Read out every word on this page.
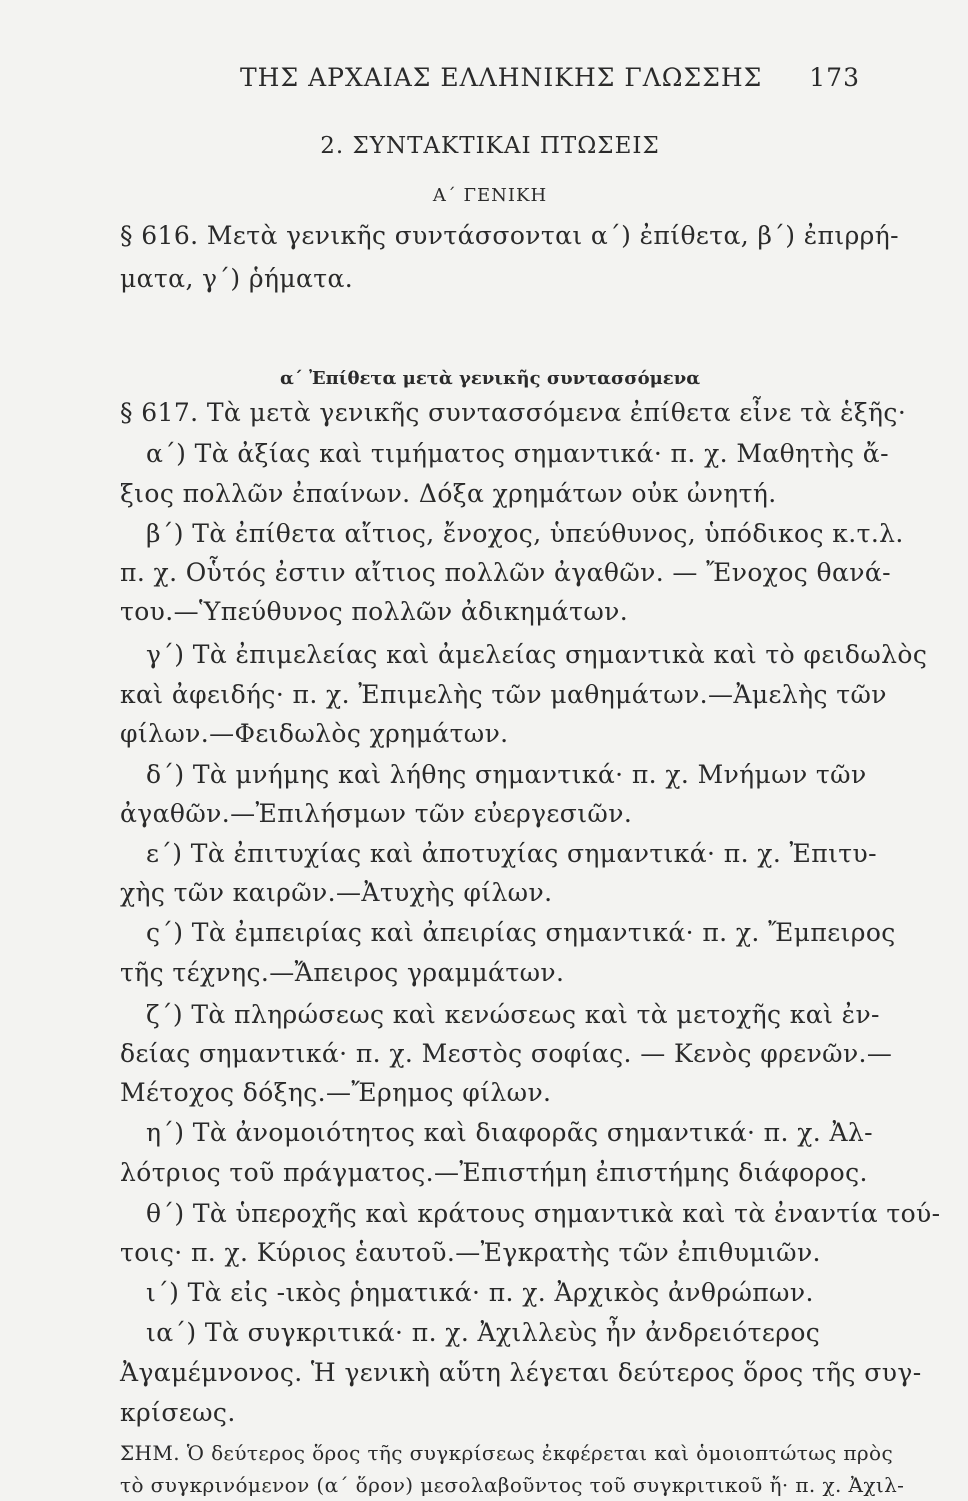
ΤΗΣ ΑΡΧΑΙΑΣ ΕΛΛΗΝΙΚΗΣ ΓΛΩΣΣΗΣ 173
2. ΣΥΝΤΑΚΤΙΚΑΙ ΠΤΩΣΕΙΣ
Α΄ ΓΕΝΙΚΗ
§ 616. Μετὰ γενικῆς συντάσσονται α΄) ἐπίθετα, β΄) ἐπιρρή-
ματα, γ΄) ῥήματα.
α΄ Ἐπίθετα μετὰ γενικῆς συντασσόμενα
§ 617. Τὰ μετὰ γενικῆς συντασσόμενα ἐπίθετα εἶνε τὰ ἑξῆς·
α΄) Τὰ ἀξίας καὶ τιμήματος σημαντικά· π. χ. Μαθητὴς ἄ-
ξιος πολλῶν ἐπαίνων. Δόξα χρημάτων οὐκ ὠνητή.
β΄) Τὰ ἐπίθετα αἴτιος, ἔνοχος, ὑπεύθυνος, ὑπόδικος κ.τ.λ.
π. χ. Οὗτός ἐστιν αἴτιος πολλῶν ἀγαθῶν. — Ἔνοχος θανά-
του.—Ὑπεύθυνος πολλῶν ἀδικημάτων.
γ΄) Τὰ ἐπιμελείας καὶ ἀμελείας σημαντικὰ καὶ τὸ φειδωλὸς
καὶ ἀφειδής· π. χ. Ἐπιμελὴς τῶν μαθημάτων.—Ἀμελὴς τῶν
φίλων.—Φειδωλὸς χρημάτων.
δ΄) Τὰ μνήμης καὶ λήθης σημαντικά· π. χ. Μνήμων τῶν
ἀγαθῶν.—Ἐπιλήσμων τῶν εὐεργεσιῶν.
ε΄) Τὰ ἐπιτυχίας καὶ ἀποτυχίας σημαντικά· π. χ. Ἐπιτυ-
χὴς τῶν καιρῶν.—Ἀτυχὴς φίλων.
ς΄) Τὰ ἐμπειρίας καὶ ἀπειρίας σημαντικά· π. χ. Ἔμπειρος
τῆς τέχνης.—Ἄπειρος γραμμάτων.
ζ΄) Τὰ πληρώσεως καὶ κενώσεως καὶ τὰ μετοχῆς καὶ ἐν-
δείας σημαντικά· π. χ. Μεστὸς σοφίας. — Κενὸς φρενῶν.—
Μέτοχος δόξης.—Ἔρημος φίλων.
η΄) Τὰ ἀνομοιότητος καὶ διαφορᾶς σημαντικά· π. χ. Ἀλ-
λότριος τοῦ πράγματος.—Ἐπιστήμη ἐπιστήμης διάφορος.
θ΄) Τὰ ὑπεροχῆς καὶ κράτους σημαντικὰ καὶ τὰ ἐναντία τού-
τοις· π. χ. Κύριος ἑαυτοῦ.—Ἐγκρατὴς τῶν ἐπιθυμιῶν.
ι΄) Τὰ εἰς -ικὸς ῥηματικά· π. χ. Ἀρχικὸς ἀνθρώπων.
ια΄) Τὰ συγκριτικά· π. χ. Ἀχιλλεὺς ἦν ἀνδρειότερος
Ἀγαμέμνονος. Ἡ γενικὴ αὕτη λέγεται δεύτερος ὅρος τῆς συγ-
κρίσεως.
ΣΗΜ. Ὁ δεύτερος ὅρος τῆς συγκρίσεως ἐκφέρεται καὶ ὁμοιοπτώτως πρὸς
τὸ συγκρινόμενον (α΄ ὅρον) μεσολαβοῦντος τοῦ συγκριτικοῦ ἤ· π. χ. Ἀχιλ-
